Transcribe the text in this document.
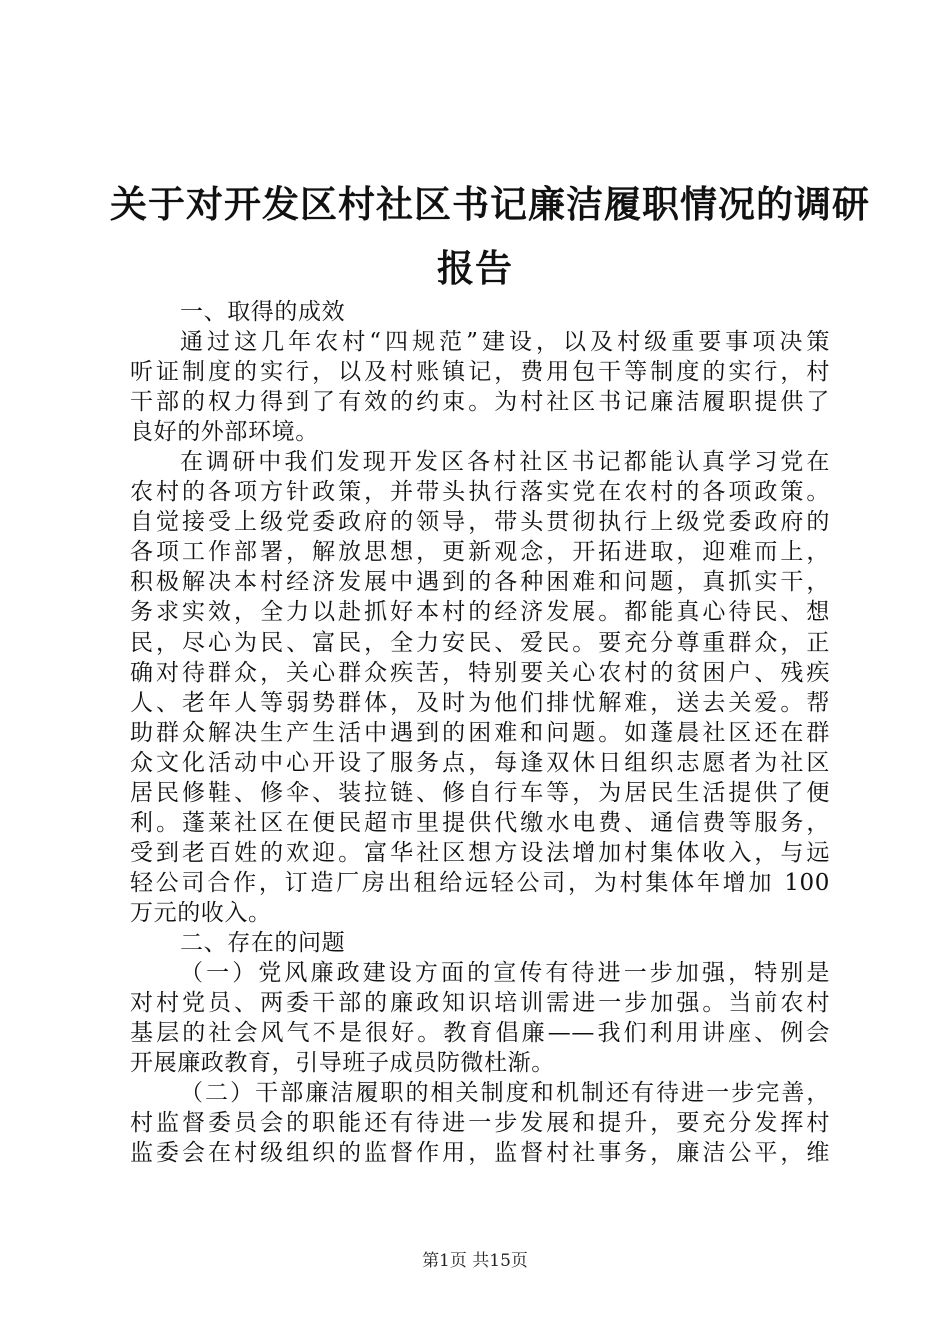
关于对开发区村社区书记廉洁履职情况的调研
报告
一、取得的成效
通过这几年农村“四规范”建设，以及村级重要事项决策
听证制度的实行，以及村账镇记，费用包干等制度的实行，村
干部的权力得到了有效的约束。为村社区书记廉洁履职提供了
良好的外部环境。
在调研中我们发现开发区各村社区书记都能认真学习党在
农村的各项方针政策，并带头执行落实党在农村的各项政策。
自觉接受上级党委政府的领导，带头贯彻执行上级党委政府的
各项工作部署，解放思想，更新观念，开拓进取，迎难而上，
积极解决本村经济发展中遇到的各种困难和问题，真抓实干，
务求实效，全力以赴抓好本村的经济发展。都能真心待民、想
民，尽心为民、富民，全力安民、爱民。要充分尊重群众，正
确对待群众，关心群众疾苦，特别要关心农村的贫困户、残疾
人、老年人等弱势群体，及时为他们排忧解难，送去关爱。帮
助群众解决生产生活中遇到的困难和问题。如蓬晨社区还在群
众文化活动中心开设了服务点，每逢双休日组织志愿者为社区
居民修鞋、修伞、装拉链、修自行车等，为居民生活提供了便
利。蓬莱社区在便民超市里提供代缴水电费、通信费等服务，
受到老百姓的欢迎。富华社区想方设法增加村集体收入，与远
轻公司合作，订造厂房出租给远轻公司，为村集体年增加 100
万元的收入。
二、存在的问题
（一）党风廉政建设方面的宣传有待进一步加强，特别是
对村党员、两委干部的廉政知识培训需进一步加强。当前农村
基层的社会风气不是很好。教育倡廉——我们利用讲座、例会
开展廉政教育，引导班子成员防微杜渐。
（二）干部廉洁履职的相关制度和机制还有待进一步完善，
村监督委员会的职能还有待进一步发展和提升，要充分发挥村
监委会在村级组织的监督作用，监督村社事务，廉洁公平，维
第1页 共15页
